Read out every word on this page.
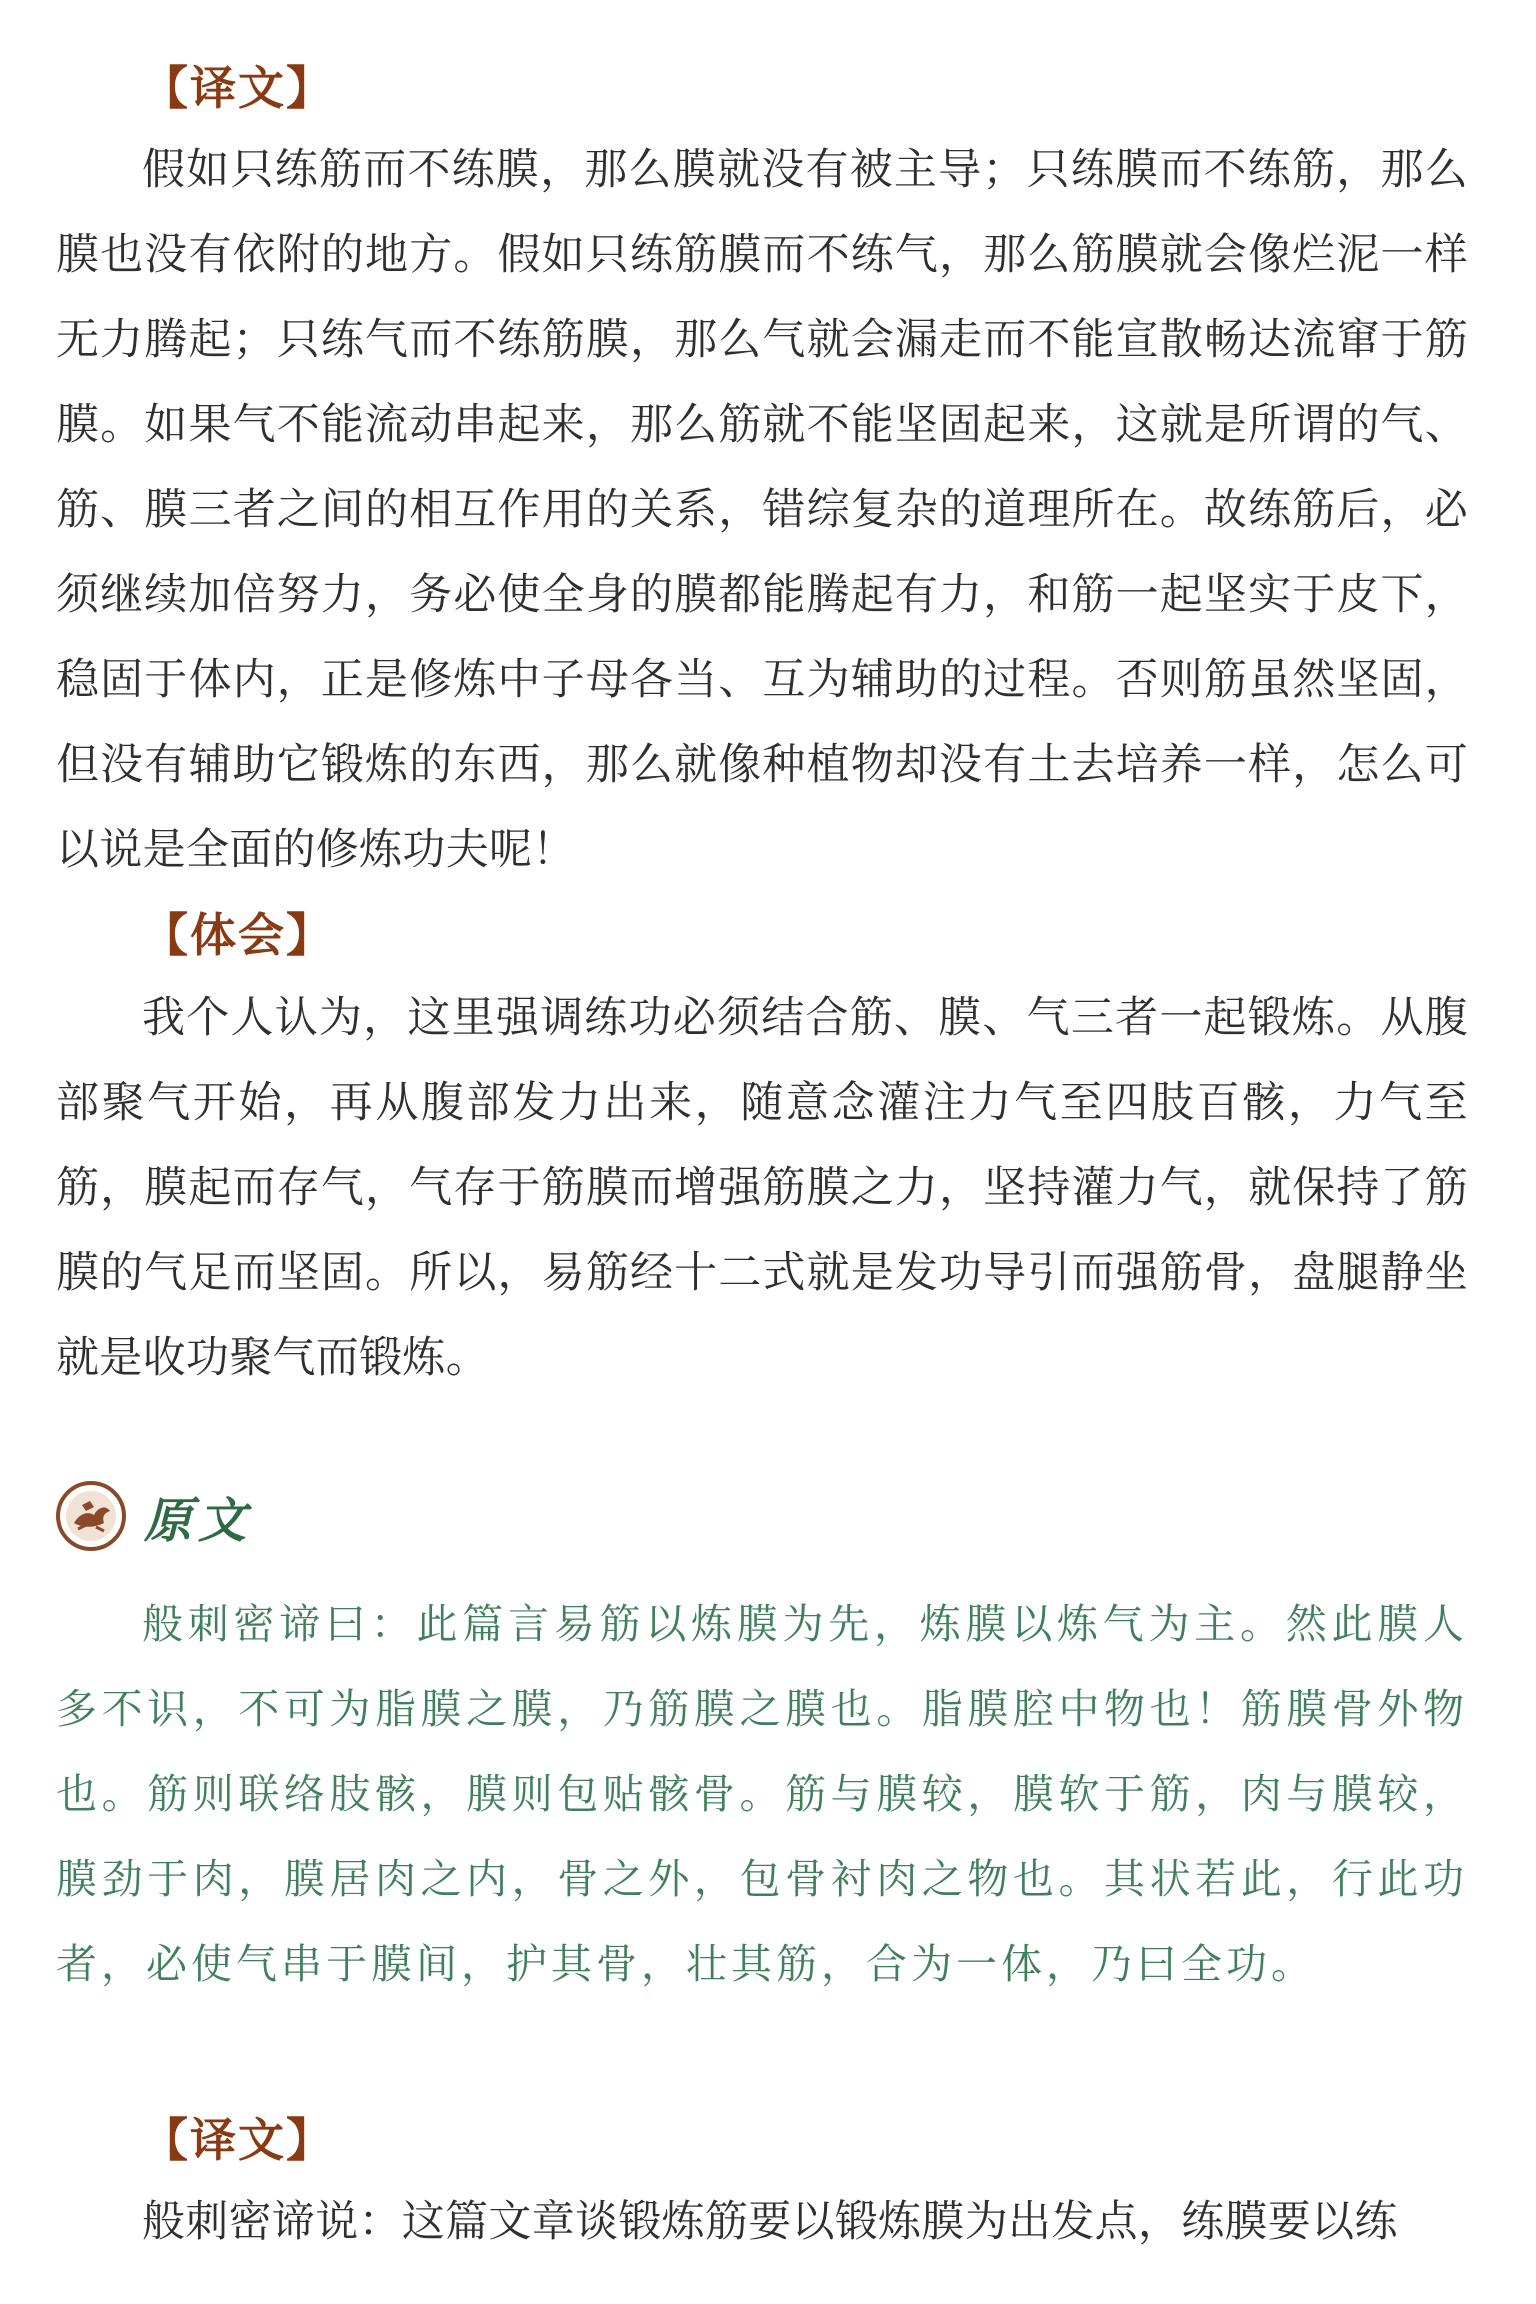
【译文】

假如只练筋而不练膜，那么膜就没有被主导；只练膜而不练筋，那么膜也没有依附的地方。假如只练筋膜而不练气，那么筋膜就会像烂泥一样无力腾起；只练气而不练筋膜，那么气就会漏走而不能宣散畅达流窜于筋膜。如果气不能流动串起来，那么筋就不能坚固起来，这就是所谓的气、筋、膜三者之间的相互作用的关系，错综复杂的道理所在。故练筋后，必须继续加倍努力，务必使全身的膜都能腾起有力，和筋一起坚实于皮下，稳固于体内，正是修炼中子母各当、互为辅助的过程。否则筋虽然坚固，但没有辅助它锻炼的东西，那么就像种植物却没有土去培养一样，怎么可以说是全面的修炼功夫呢！

【体会】

我个人认为，这里强调练功必须结合筋、膜、气三者一起锻炼。从腹部聚气开始，再从腹部发力出来，随意念灌注力气至四肢百骸，力气至筋，膜起而存气，气存于筋膜而增强筋膜之力，坚持灌力气，就保持了筋膜的气足而坚固。所以，易筋经十二式就是发功导引而强筋骨，盘腿静坐就是收功聚气而锻炼。

原文

般刺密谛曰：此篇言易筋以炼膜为先，炼膜以炼气为主。然此膜人多不识，不可为脂膜之膜，乃筋膜之膜也。脂膜腔中物也！筋膜骨外物也。筋则联络肢骸，膜则包贴骸骨。筋与膜较，膜软于筋，肉与膜较，膜劲于肉，膜居肉之内，骨之外，包骨衬肉之物也。其状若此，行此功者，必使气串于膜间，护其骨，壮其筋，合为一体，乃曰全功。

【译文】

般刺密谛说：这篇文章谈锻炼筋要以锻炼膜为出发点，练膜要以练
